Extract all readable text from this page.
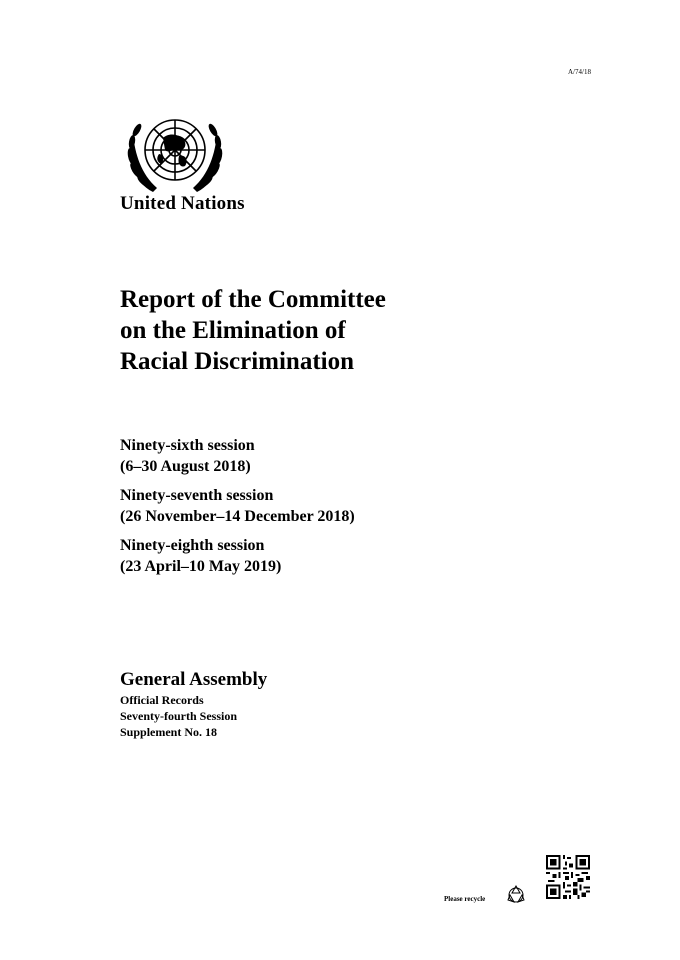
A/74/18
United Nations
Report of the Committee
on the Elimination of
Racial Discrimination
Ninety-sixth session
(6–30 August 2018)
Ninety-seventh session
(26 November–14 December 2018)
Ninety-eighth session
(23 April–10 May 2019)
General Assembly
Official Records
Seventy-fourth Session
Supplement No. 18
Please recycle
